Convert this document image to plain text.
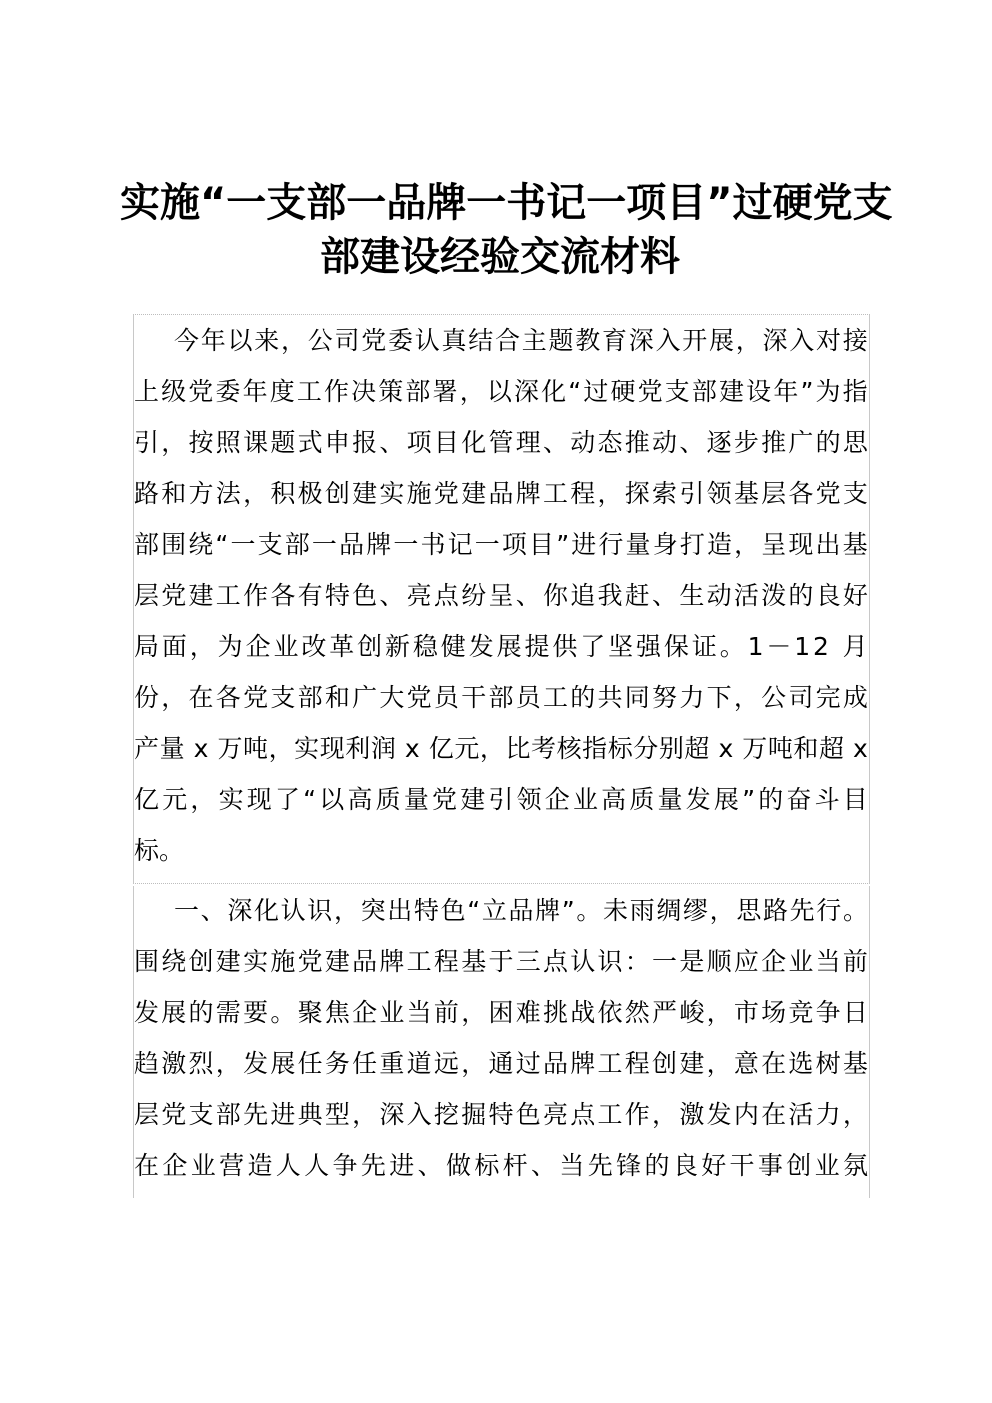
实施“一支部一品牌一书记一项目”过硬党支
部建设经验交流材料
今 年 以 来 ， 公 司 党 委 认 真 结 合 主 题 教 育 深 入 开 展 ， 深 入 对 接
上 级 党 委 年 度 工 作 决 策 部 署 ， 以 深 化 “ 过 硬 党 支 部 建 设 年 ” 为 指
引 ， 按 照 课 题 式 申 报 、 项 目 化 管 理 、 动 态 推 动 、 逐 步 推 广 的 思
路 和 方 法 ， 积 极 创 建 实 施 党 建 品 牌 工 程 ， 探 索 引 领 基 层 各 党 支
部 围 绕 “ 一 支 部 一 品 牌 一 书 记 一 项 目 ” 进 行 量 身 打 造 ， 呈 现 出 基
层 党 建 工 作 各 有 特 色 、 亮 点 纷 呈 、 你 追 我 赶 、 生 动 活 泼 的 良 好
局 面 ， 为 企 业 改 革 创 新 稳 健 发 展 提 供 了 坚 强 保 证 。 1 － 1 2
月
份 ， 在 各 党 支 部 和 广 大 党 员 干 部 员 工 的 共 同 努 力 下 ， 公 司 完 成
产 量
x
万 吨 ， 实 现 利 润
x
亿 元 ， 比 考 核 指 标 分 别 超
x
万 吨 和 超
x
亿 元 ， 实 现 了 “ 以 高 质 量 党 建 引 领 企 业 高 质 量 发 展 ” 的 奋 斗 目
标。
一 、 深 化 认 识 ， 突 出 特 色 “ 立 品 牌 ” 。 未 雨 绸 缪 ， 思 路 先 行 。
围 绕 创 建 实 施 党 建 品 牌 工 程 基 于 三 点 认 识 ： 一 是 顺 应 企 业 当 前
发 展 的 需 要 。 聚 焦 企 业 当 前 ， 困 难 挑 战 依 然 严 峻 ， 市 场 竞 争 日
趋 激 烈 ， 发 展 任 务 任 重 道 远 ， 通 过 品 牌 工 程 创 建 ， 意 在 选 树 基
层 党 支 部 先 进 典 型 ， 深 入 挖 掘 特 色 亮 点 工 作 ， 激 发 内 在 活 力 ，
在 企 业 营 造 人 人 争 先 进 、 做 标 杆 、 当 先 锋 的 良 好 干 事 创 业 氛
